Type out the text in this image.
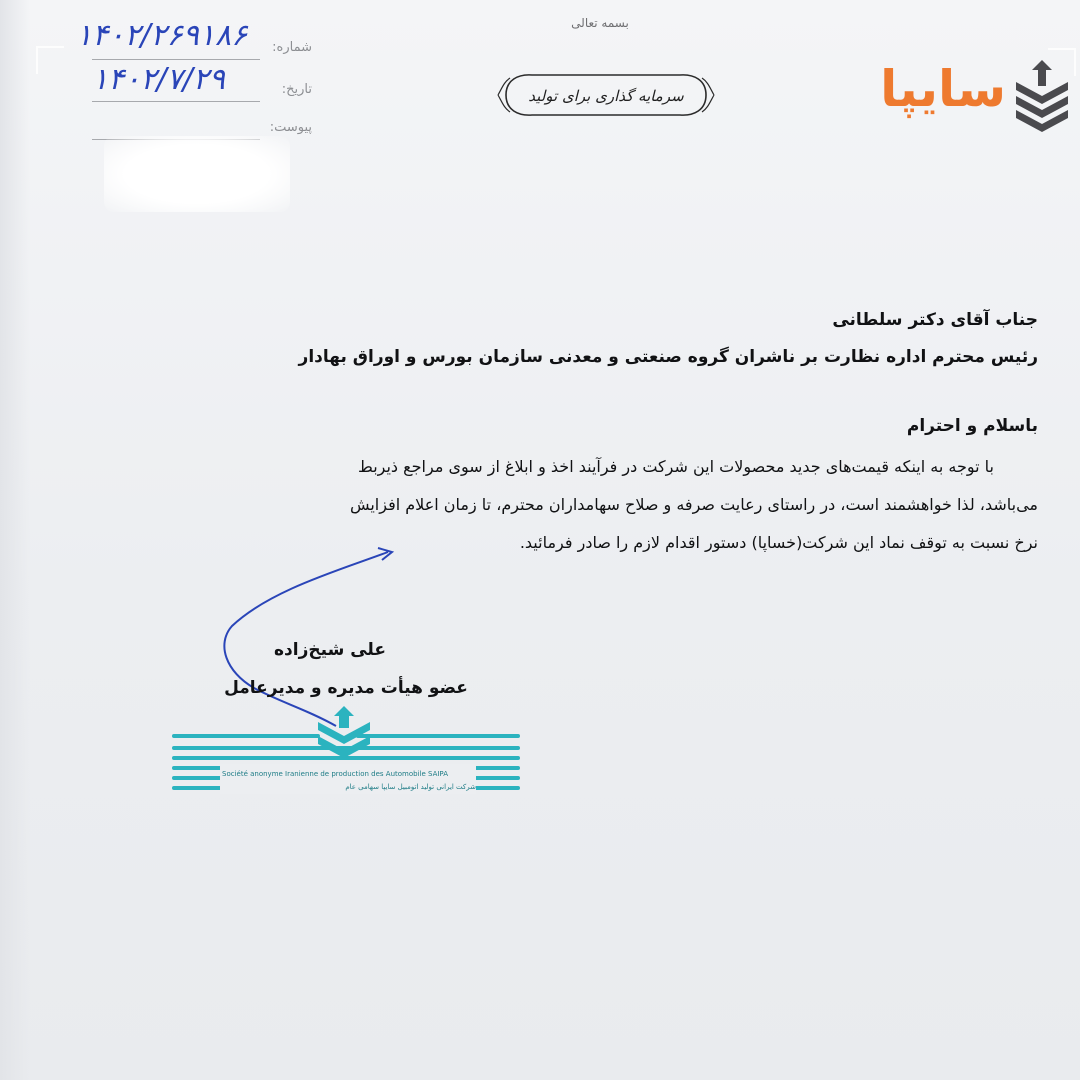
بسمه تعالی
سرمایه گذاری برای تولید	سایپا
شماره:
۱۴۰۲/۲۶۹۱۸۶
تاریخ:
۱۴۰۲/۷/۲۹
پیوست:
جناب آقای دکتر سلطانی
رئیس محترم اداره نظارت بر ناشران گروه صنعتی و معدنی سازمان بورس و اوراق بهادار
باسلام و احترام
با توجه به اینکه قیمت‌های جدید محصولات این شرکت در فرآیند اخذ و ابلاغ از سوی مراجع ذیربط
می‌باشد، لذا خواهشمند است، در راستای رعایت صرفه و صلاح سهامداران محترم، تا زمان اعلام افزایش
نرخ نسبت به توقف نماد این شرکت(خساپا) دستور اقدام لازم را صادر فرمائید.
علی شیخ‌زاده
عضو هیأت مدیره و مدیرعامل
Société anonyme Iranienne de production des Automobile SAIPA
شرکت ایرانی تولید اتومبیل سایپا سهامی عام
